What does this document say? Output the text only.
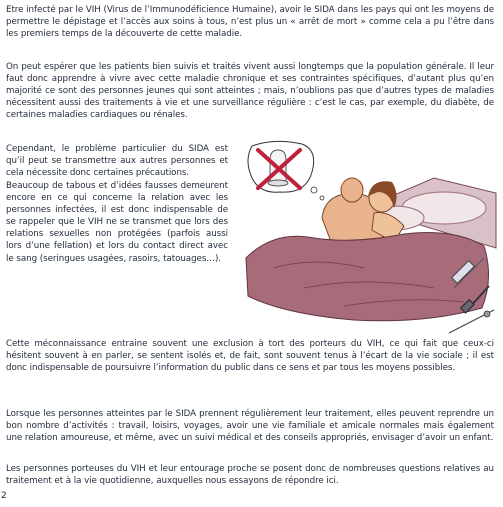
Etre infecté par le VIH (Virus de l’Immunodéficience Humaine), avoir le SIDA dans les pays qui ont les moyens de permettre le dépistage et l’accès aux soins à tous, n’est plus un « arrêt de mort » comme cela a pu l’être dans les premiers temps de la découverte de cette maladie.

On peut espérer que les patients bien suivis et traités vivent aussi longtemps que la population générale. Il leur faut donc apprendre à vivre avec cette maladie chronique et ses contraintes spécifiques, d’autant plus qu’en majorité ce sont des personnes jeunes qui sont atteintes ; mais, n’oublions pas que d’autres types de maladies nécessitent aussi des traitements à vie et une surveillance régulière : c’est le cas, par exemple, du diabète, de certaines maladies cardiaques ou rénales.

Cependant, le problème particulier du SIDA est qu’il peut se transmettre aux autres personnes et cela nécessite donc certaines précautions.

Beaucoup de tabous et d’idées fausses demeurent encore en ce qui concerne la relation avec les personnes infectées, il est donc indispensable de se rappeler que le VIH ne se transmet que lors des relations sexuelles non protégées (parfois aussi lors d’une fellation) et lors du contact direct avec le sang (seringues usagées, rasoirs, tatouages…).

Cette méconnaissance entraine souvent une exclusion à tort des porteurs du VIH, ce qui fait que ceux-ci hésitent souvent à en parler, se sentent isolés et, de fait, sont souvent tenus à l’écart de la vie sociale ; il est donc indispensable de poursuivre l’information du public dans ce sens et par tous les moyens possibles.

Lorsque les personnes atteintes par le SIDA prennent régulièrement leur traitement, elles peuvent reprendre un bon nombre d’activités : travail, loisirs, voyages, avoir une vie familiale et amicale normales mais également une relation amoureuse, et même, avec un suivi médical et des conseils appropriés, envisager d’avoir un enfant.

Les personnes porteuses du VIH et leur entourage proche se posent donc de nombreuses questions relatives au traitement et à la vie quotidienne, auxquelles nous essayons de répondre ici.

2
